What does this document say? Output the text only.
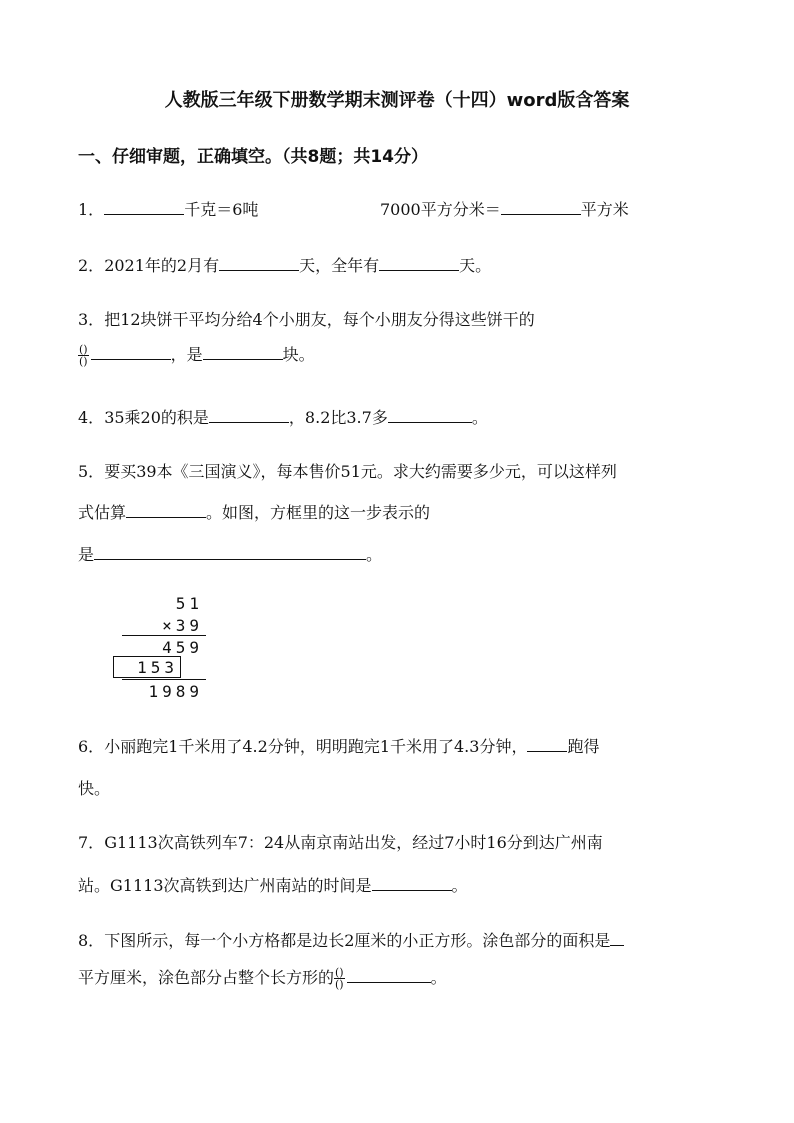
人教版三年级下册数学期末测评卷（十四）word版含答案
一、仔细审题，正确填空。（共8题；共14分）
1．	千克＝6吨	7000平方分米＝	平方米
2．2021年的2月有	天，全年有	天。
3．把12块饼干平均分给4个小朋友，每个小朋友分得这些饼干的
$\frac{()}{()}$	，是	块。
4．35乘20的积是	，8.2比3.7多	。
5．要买39本《三国演义》，每本售价51元。求大约需要多少元，可以这样列
式估算	。如图，方框里的这一步表示的
是	。
51
×39
459
153
1989
6．小丽跑完1千米用了4.2分钟，明明跑完1千米用了4.3分钟，	跑得
快。
7．G1113次高铁列车7：24从南京南站出发，经过7小时16分到达广州南
站。G1113次高铁到达广州南站的时间是	。
8．下图所示，每一个小方格都是边长2厘米的小正方形。涂色部分的面积是
平方厘米，涂色部分占整个长方形的 $\frac{()}{()}$	。
